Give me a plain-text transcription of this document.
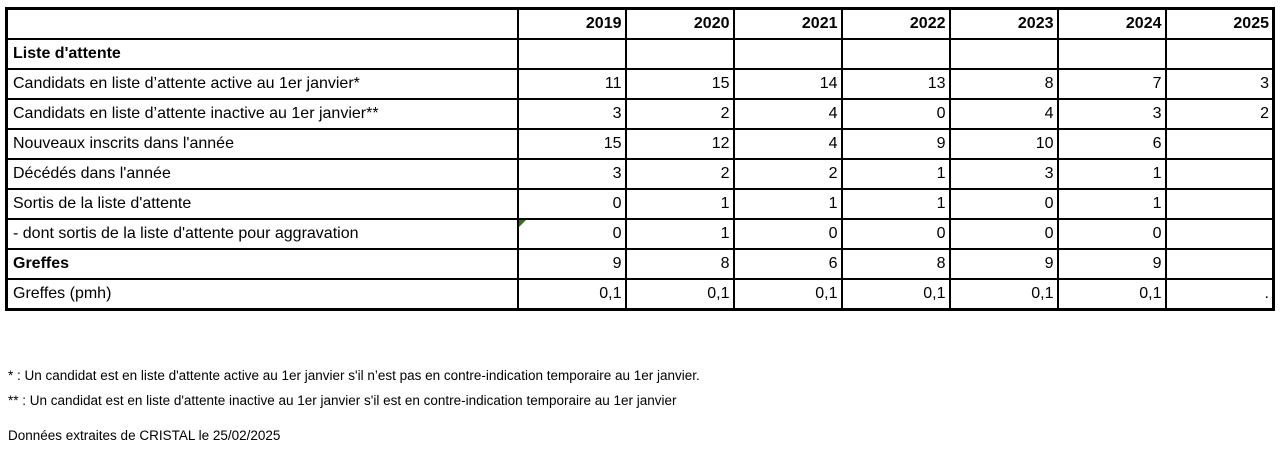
	2019	2020	2021	2022	2023	2024	2025
Liste d'attente							
Candidats en liste d’attente active au 1er janvier*	11	15	14	13	8	7	3
Candidats en liste d’attente inactive au 1er janvier**	3	2	4	0	4	3	2
Nouveaux inscrits dans l'année	15	12	4	9	10	6	
Décédés dans l'année	3	2	2	1	3	1	
Sortis de la liste d'attente	0	1	1	1	0	1	
- dont sortis de la liste d'attente pour aggravation	0	1	0	0	0	0	
Greffes	9	8	6	8	9	9	
Greffes (pmh)	0,1	0,1	0,1	0,1	0,1	0,1	.
* : Un candidat est en liste d'attente active au 1er janvier s'il n’est pas en contre-indication temporaire au 1er janvier.
** : Un candidat est en liste d'attente inactive au 1er janvier s'il est en contre-indication temporaire au 1er janvier
Données extraites de CRISTAL le 25/02/2025
